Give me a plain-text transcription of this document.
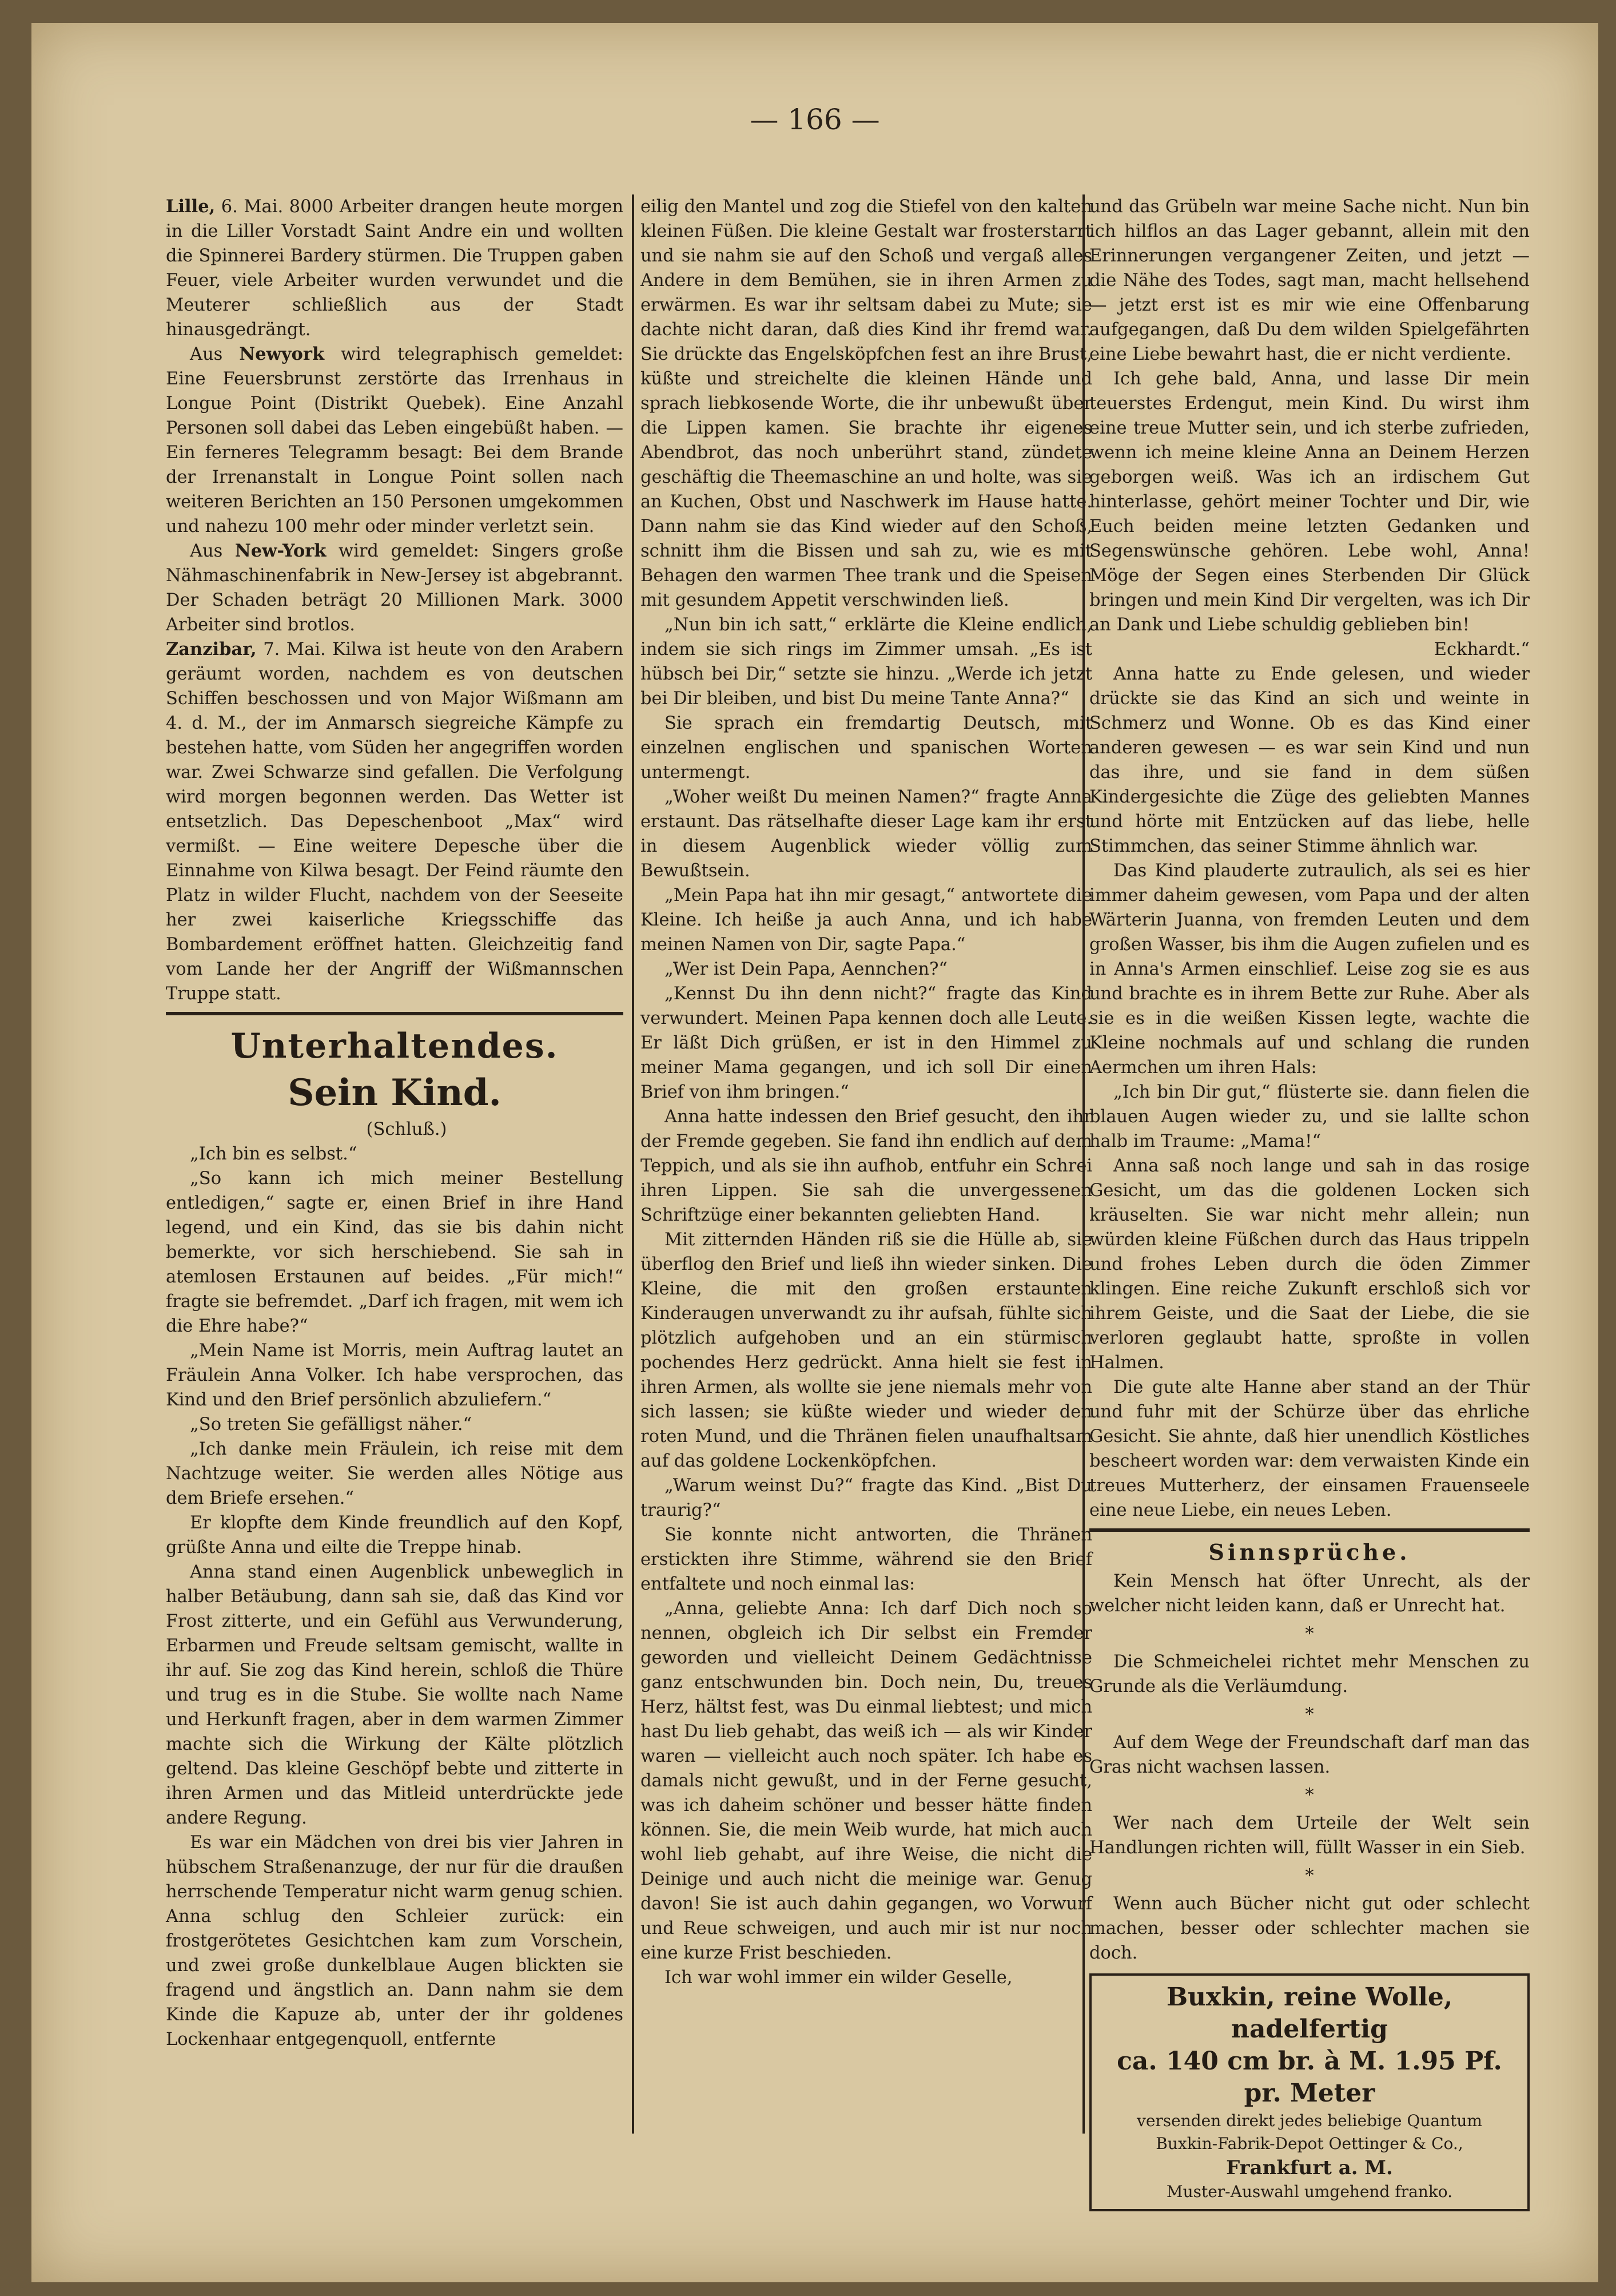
— 166 —

Lille, 6. Mai. 8000 Arbeiter drangen heute morgen in die Liller Vorstadt Saint Andre ein und wollten die Spinnerei Bardery stürmen. Die Truppen gaben Feuer, viele Arbeiter wurden verwundet und die Meuterer schließlich aus der Stadt hinausgedrängt.

Aus Newyork wird telegraphisch gemeldet: Eine Feuersbrunst zerstörte das Irrenhaus in Longue Point (Distrikt Quebek). Eine Anzahl Personen soll dabei das Leben eingebüßt haben. — Ein ferneres Telegramm besagt: Bei dem Brande der Irrenanstalt in Longue Point sollen nach weiteren Berichten an 150 Personen umgekommen und nahezu 100 mehr oder minder verletzt sein.

Aus New-York wird gemeldet: Singers große Nähmaschinenfabrik in New-Jersey ist abgebrannt. Der Schaden beträgt 20 Millionen Mark. 3000 Arbeiter sind brotlos.

Zanzibar, 7. Mai. Kilwa ist heute von den Arabern geräumt worden, nachdem es von deutschen Schiffen beschossen und von Major Wißmann am 4. d. M., der im Anmarsch siegreiche Kämpfe zu bestehen hatte, vom Süden her angegriffen worden war. Zwei Schwarze sind gefallen. Die Verfolgung wird morgen begonnen werden. Das Wetter ist entsetzlich. Das Depeschenboot „Max“ wird vermißt. — Eine weitere Depesche über die Einnahme von Kilwa besagt. Der Feind räumte den Platz in wilder Flucht, nachdem von der Seeseite her zwei kaiserliche Kriegsschiffe das Bombardement eröffnet hatten. Gleichzeitig fand vom Lande her der Angriff der Wißmannschen Truppe statt.

Unterhaltendes.
Sein Kind.

(Schluß.)

„Ich bin es selbst.“

„So kann ich mich meiner Bestellung entledigen,“ sagte er, einen Brief in ihre Hand legend, und ein Kind, das sie bis dahin nicht bemerkte, vor sich herschiebend. Sie sah in atemlosen Erstaunen auf beides. „Für mich!“ fragte sie befremdet. „Darf ich fragen, mit wem ich die Ehre habe?“

„Mein Name ist Morris, mein Auftrag lautet an Fräulein Anna Volker. Ich habe versprochen, das Kind und den Brief persönlich abzuliefern.“

„So treten Sie gefälligst näher.“

„Ich danke mein Fräulein, ich reise mit dem Nachtzuge weiter. Sie werden alles Nötige aus dem Briefe ersehen.“

Er klopfte dem Kinde freundlich auf den Kopf, grüßte Anna und eilte die Treppe hinab.

Anna stand einen Augenblick unbeweglich in halber Betäubung, dann sah sie, daß das Kind vor Frost zitterte, und ein Gefühl aus Verwunderung, Erbarmen und Freude seltsam gemischt, wallte in ihr auf. Sie zog das Kind herein, schloß die Thüre und trug es in die Stube. Sie wollte nach Name und Herkunft fragen, aber in dem warmen Zimmer machte sich die Wirkung der Kälte plötzlich geltend. Das kleine Geschöpf bebte und zitterte in ihren Armen und das Mitleid unterdrückte jede andere Regung.

Es war ein Mädchen von drei bis vier Jahren in hübschem Straßenanzuge, der nur für die draußen herrschende Temperatur nicht warm genug schien. Anna schlug den Schleier zurück: ein frostgerötetes Gesichtchen kam zum Vorschein, und zwei große dunkelblaue Augen blickten sie fragend und ängstlich an. Dann nahm sie dem Kinde die Kapuze ab, unter der ihr goldenes Lockenhaar entgegenquoll, entfernte

eilig den Mantel und zog die Stiefel von den kalten kleinen Füßen. Die kleine Gestalt war frosterstarrt und sie nahm sie auf den Schoß und vergaß alles Andere in dem Bemühen, sie in ihren Armen zu erwärmen. Es war ihr seltsam dabei zu Mute; sie dachte nicht daran, daß dies Kind ihr fremd war. Sie drückte das Engelsköpfchen fest an ihre Brust, küßte und streichelte die kleinen Hände und sprach liebkosende Worte, die ihr unbewußt über die Lippen kamen. Sie brachte ihr eigenes Abendbrot, das noch unberührt stand, zündete geschäftig die Theemaschine an und holte, was sie an Kuchen, Obst und Naschwerk im Hause hatte. Dann nahm sie das Kind wieder auf den Schoß, schnitt ihm die Bissen und sah zu, wie es mit Behagen den warmen Thee trank und die Speisen mit gesundem Appetit verschwinden ließ.

„Nun bin ich satt,“ erklärte die Kleine endlich, indem sie sich rings im Zimmer umsah. „Es ist hübsch bei Dir,“ setzte sie hinzu. „Werde ich jetzt bei Dir bleiben, und bist Du meine Tante Anna?“

Sie sprach ein fremdartig Deutsch, mit einzelnen englischen und spanischen Worten untermengt.

„Woher weißt Du meinen Namen?“ fragte Anna erstaunt. Das rätselhafte dieser Lage kam ihr erst in diesem Augenblick wieder völlig zum Bewußtsein.

„Mein Papa hat ihn mir gesagt,“ antwortete die Kleine. Ich heiße ja auch Anna, und ich habe meinen Namen von Dir, sagte Papa.“

„Wer ist Dein Papa, Aennchen?“

„Kennst Du ihn denn nicht?“ fragte das Kind verwundert. Meinen Papa kennen doch alle Leute. Er läßt Dich grüßen, er ist in den Himmel zu meiner Mama gegangen, und ich soll Dir einen Brief von ihm bringen.“

Anna hatte indessen den Brief gesucht, den ihr der Fremde gegeben. Sie fand ihn endlich auf dem Teppich, und als sie ihn aufhob, entfuhr ein Schrei ihren Lippen. Sie sah die unvergessenen Schriftzüge einer bekannten geliebten Hand.

Mit zitternden Händen riß sie die Hülle ab, sie überflog den Brief und ließ ihn wieder sinken. Die Kleine, die mit den großen erstaunten Kinderaugen unverwandt zu ihr aufsah, fühlte sich plötzlich aufgehoben und an ein stürmisch pochendes Herz gedrückt. Anna hielt sie fest in ihren Armen, als wollte sie jene niemals mehr von sich lassen; sie küßte wieder und wieder den roten Mund, und die Thränen fielen unaufhaltsam auf das goldene Lockenköpfchen.

„Warum weinst Du?“ fragte das Kind. „Bist Du traurig?“

Sie konnte nicht antworten, die Thränen erstickten ihre Stimme, während sie den Brief entfaltete und noch einmal las:

„Anna, geliebte Anna: Ich darf Dich noch so nennen, obgleich ich Dir selbst ein Fremder geworden und vielleicht Deinem Gedächtnisse ganz entschwunden bin. Doch nein, Du, treues Herz, hältst fest, was Du einmal liebtest; und mich hast Du lieb gehabt, das weiß ich — als wir Kinder waren — vielleicht auch noch später. Ich habe es damals nicht gewußt, und in der Ferne gesucht, was ich daheim schöner und besser hätte finden können. Sie, die mein Weib wurde, hat mich auch wohl lieb gehabt, auf ihre Weise, die nicht die Deinige und auch nicht die meinige war. Genug davon! Sie ist auch dahin gegangen, wo Vorwurf und Reue schweigen, und auch mir ist nur noch eine kurze Frist beschieden.

Ich war wohl immer ein wilder Geselle,

und das Grübeln war meine Sache nicht. Nun bin ich hilflos an das Lager gebannt, allein mit den Erinnerungen vergangener Zeiten, und jetzt — die Nähe des Todes, sagt man, macht hellsehend — jetzt erst ist es mir wie eine Offenbarung aufgegangen, daß Du dem wilden Spielgefährten eine Liebe bewahrt hast, die er nicht verdiente.

Ich gehe bald, Anna, und lasse Dir mein teuerstes Erdengut, mein Kind. Du wirst ihm eine treue Mutter sein, und ich sterbe zufrieden, wenn ich meine kleine Anna an Deinem Herzen geborgen weiß. Was ich an irdischem Gut hinterlasse, gehört meiner Tochter und Dir, wie Euch beiden meine letzten Gedanken und Segenswünsche gehören. Lebe wohl, Anna! Möge der Segen eines Sterbenden Dir Glück bringen und mein Kind Dir vergelten, was ich Dir an Dank und Liebe schuldig geblieben bin!

Eckhardt.“

Anna hatte zu Ende gelesen, und wieder drückte sie das Kind an sich und weinte in Schmerz und Wonne. Ob es das Kind einer anderen gewesen — es war sein Kind und nun das ihre, und sie fand in dem süßen Kindergesichte die Züge des geliebten Mannes und hörte mit Entzücken auf das liebe, helle Stimmchen, das seiner Stimme ähnlich war.

Das Kind plauderte zutraulich, als sei es hier immer daheim gewesen, vom Papa und der alten Wärterin Juanna, von fremden Leuten und dem großen Wasser, bis ihm die Augen zufielen und es in Anna's Armen einschlief. Leise zog sie es aus und brachte es in ihrem Bette zur Ruhe. Aber als sie es in die weißen Kissen legte, wachte die Kleine nochmals auf und schlang die runden Aermchen um ihren Hals:

„Ich bin Dir gut,“ flüsterte sie. dann fielen die blauen Augen wieder zu, und sie lallte schon halb im Traume: „Mama!“

Anna saß noch lange und sah in das rosige Gesicht, um das die goldenen Locken sich kräuselten. Sie war nicht mehr allein; nun würden kleine Füßchen durch das Haus trippeln und frohes Leben durch die öden Zimmer klingen. Eine reiche Zukunft erschloß sich vor ihrem Geiste, und die Saat der Liebe, die sie verloren geglaubt hatte, sproßte in vollen Halmen.

Die gute alte Hanne aber stand an der Thür und fuhr mit der Schürze über das ehrliche Gesicht. Sie ahnte, daß hier unendlich Köstliches bescheert worden war: dem verwaisten Kinde ein treues Mutterherz, der einsamen Frauenseele eine neue Liebe, ein neues Leben.

Sinnsprüche.

Kein Mensch hat öfter Unrecht, als der welcher nicht leiden kann, daß er Unrecht hat.

*

Die Schmeichelei richtet mehr Menschen zu Grunde als die Verläumdung.

*

Auf dem Wege der Freundschaft darf man das Gras nicht wachsen lassen.

*

Wer nach dem Urteile der Welt sein Handlungen richten will, füllt Wasser in ein Sieb.

*

Wenn auch Bücher nicht gut oder schlecht machen, besser oder schlechter machen sie doch.

Buxkin, reine Wolle, nadelfertig
ca. 140 cm br. à M. 1.95 Pf. pr. Meter
versenden direkt jedes beliebige Quantum
Buxkin-Fabrik-Depot Oettinger & Co.,
Frankfurt a. M.
Muster-Auswahl umgehend franko.
